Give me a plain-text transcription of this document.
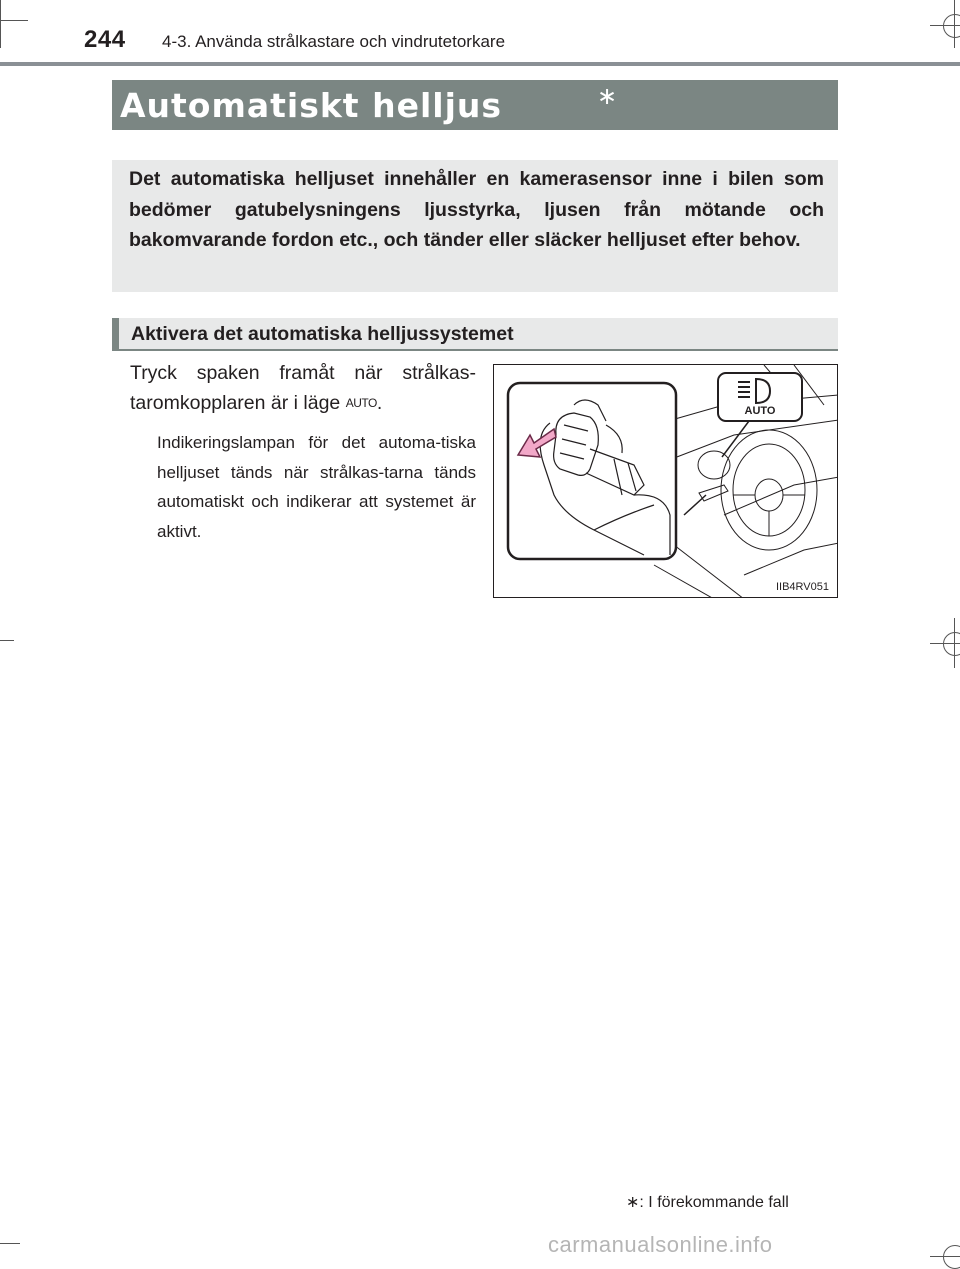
244 4-3. Använda strålkastare och vindrutetorkare
Automatiskt helljus	∗

Det automatiska helljuset innehåller en kamerasensor inne i bilen som bedömer gatubelysningens ljusstyrka, ljusen från mötande och bakomvarande fordon etc., och tänder eller släcker helljuset efter behov.

Aktivera det automatiska helljussystemet

Tryck spaken framåt när strålkas-taromkopplaren är i läge AUTO.

Indikeringslampan för det automa-tiska helljuset tänds när strålkas-tarna tänds automatiskt och indikerar att systemet är aktivt.

AUTO
IIB4RV051
∗: I förekommande fall
carmanualsonline.info
